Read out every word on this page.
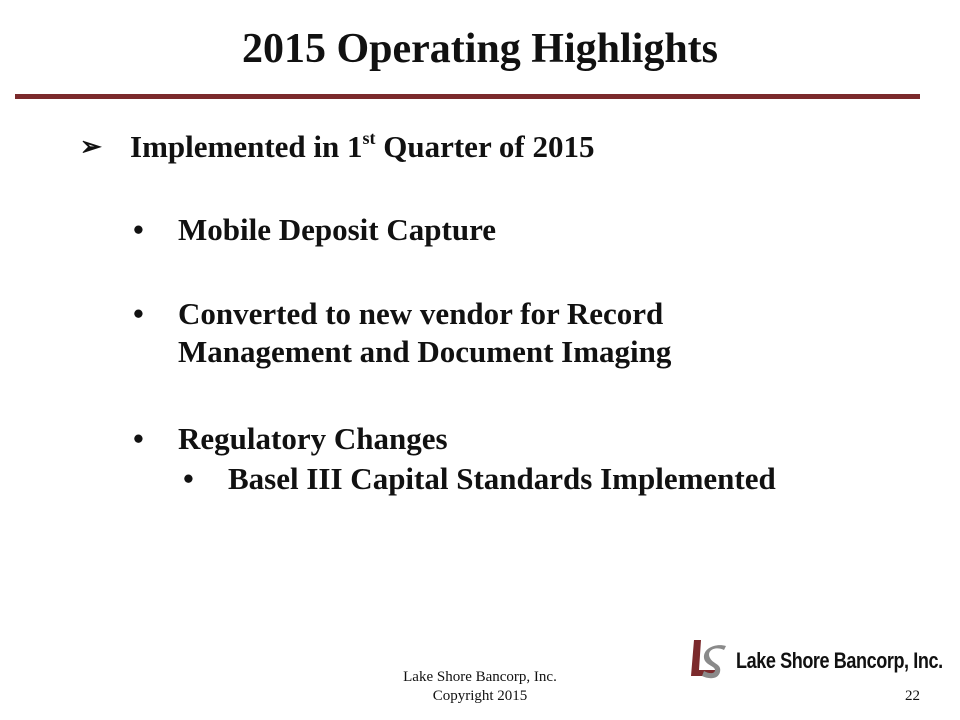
2015 Operating Highlights
➢ Implemented in 1st Quarter of 2015
• Mobile Deposit Capture
• Converted to new vendor for Record
Management and Document Imaging
• Regulatory Changes
• Basel III Capital Standards Implemented
Lake Shore Bancorp, Inc.
Copyright 2015	22
Lake Shore Bancorp, Inc.
